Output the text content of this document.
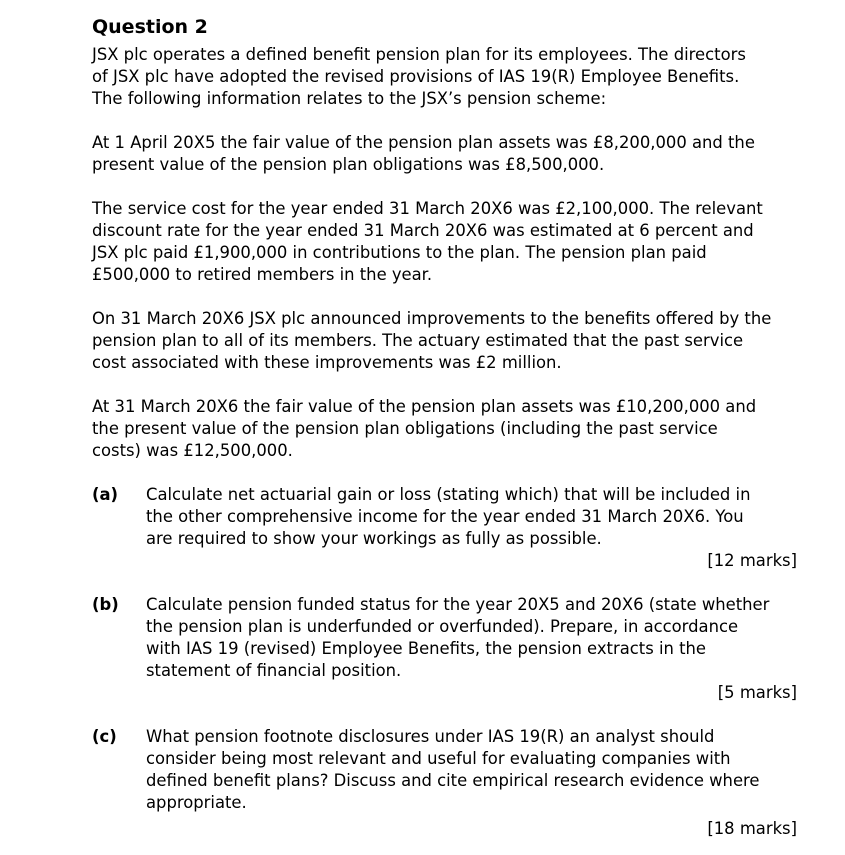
Question 2
JSX plc operates a defined benefit pension plan for its employees. The directors
of JSX plc have adopted the revised provisions of IAS 19(R) Employee Benefits.
The following information relates to the JSX’s pension scheme:
At 1 April 20X5 the fair value of the pension plan assets was £8,200,000 and the
present value of the pension plan obligations was £8,500,000.
The service cost for the year ended 31 March 20X6 was £2,100,000. The relevant
discount rate for the year ended 31 March 20X6 was estimated at 6 percent and
JSX plc paid £1,900,000 in contributions to the plan. The pension plan paid
£500,000 to retired members in the year.
On 31 March 20X6 JSX plc announced improvements to the benefits offered by the
pension plan to all of its members. The actuary estimated that the past service
cost associated with these improvements was £2 million.
At 31 March 20X6 the fair value of the pension plan assets was £10,200,000 and
the present value of the pension plan obligations (including the past service
costs) was £12,500,000.
(a) Calculate net actuarial gain or loss (stating which) that will be included in
the other comprehensive income for the year ended 31 March 20X6. You
are required to show your workings as fully as possible.
[12 marks]
(b) Calculate pension funded status for the year 20X5 and 20X6 (state whether
the pension plan is underfunded or overfunded). Prepare, in accordance
with IAS 19 (revised) Employee Benefits, the pension extracts in the
statement of financial position.
[5 marks]
(c) What pension footnote disclosures under IAS 19(R) an analyst should
consider being most relevant and useful for evaluating companies with
defined benefit plans? Discuss and cite empirical research evidence where
appropriate.
[18 marks]
